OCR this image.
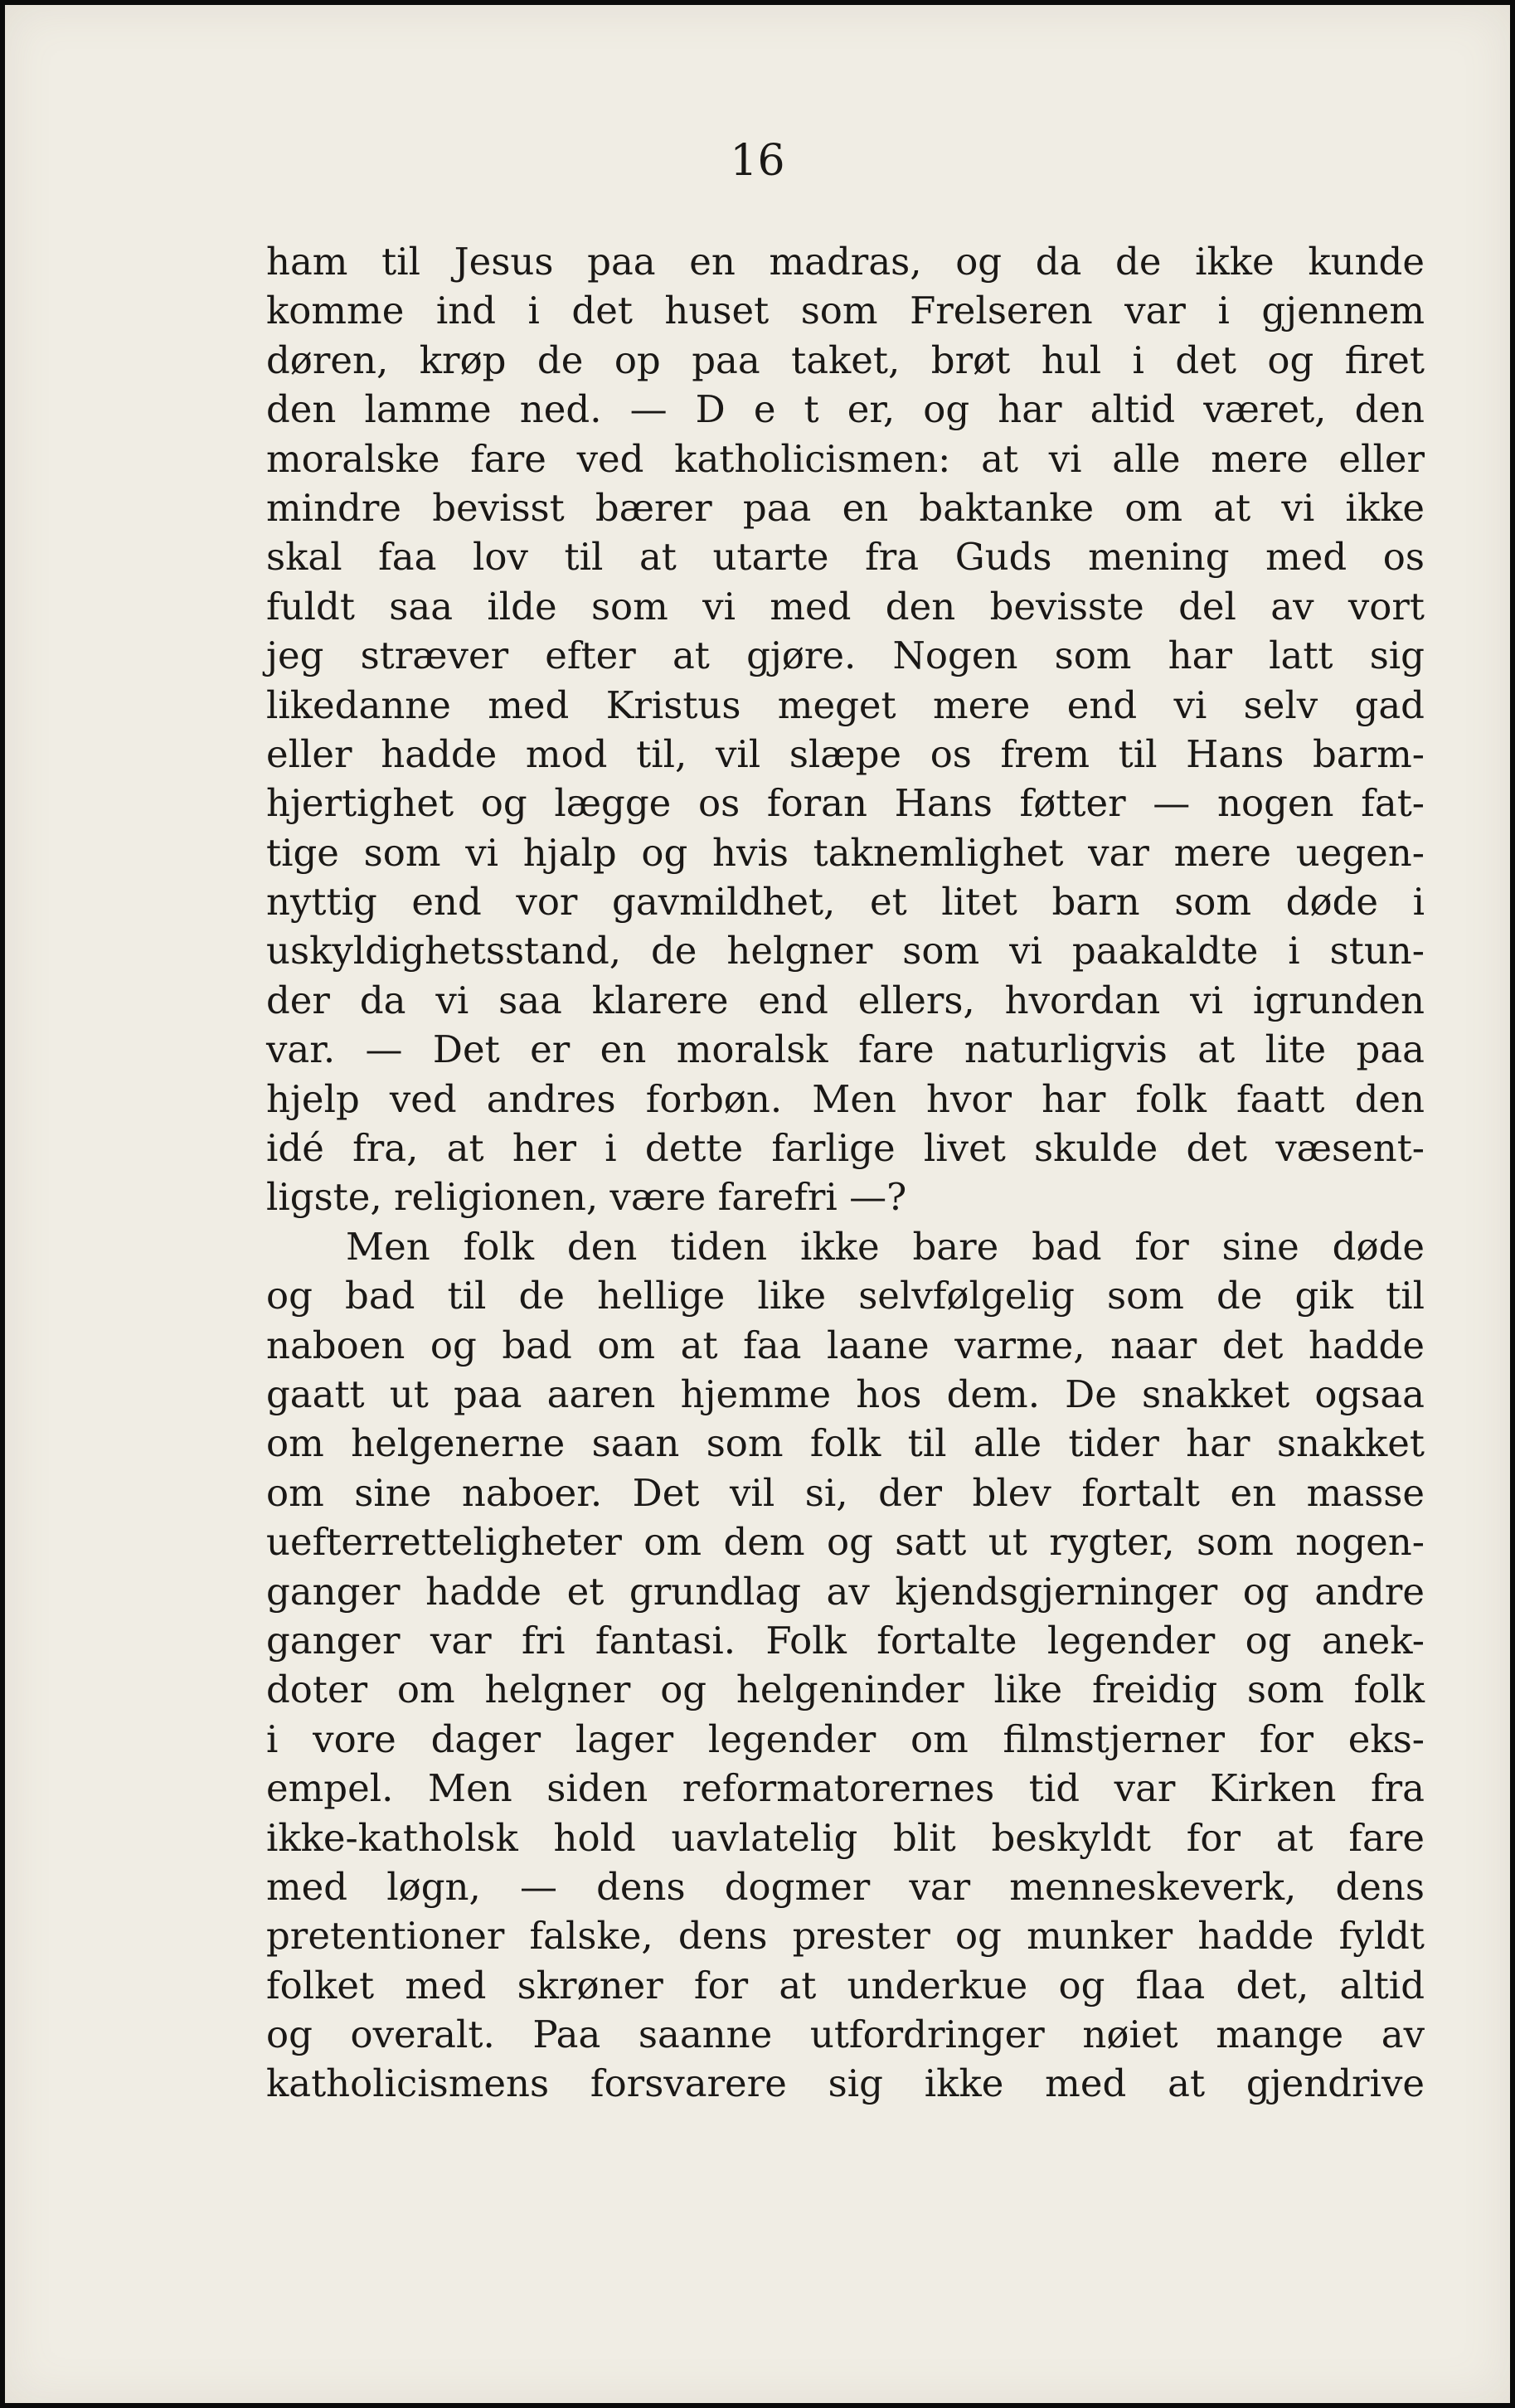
16
ham til Jesus paa en madras, og da de ikke kunde
komme ind i det huset som Frelseren var i gjennem
døren, krøp de op paa taket, brøt hul i det og firet
den lamme ned. — D e t er, og har altid været, den
moralske fare ved katholicismen: at vi alle mere eller
mindre bevisst bærer paa en baktanke om at vi ikke
skal faa lov til at utarte fra Guds mening med os
fuldt saa ilde som vi med den bevisste del av vort
jeg stræver efter at gjøre. Nogen som har latt sig
likedanne med Kristus meget mere end vi selv gad
eller hadde mod til, vil slæpe os frem til Hans barm-
hjertighet og lægge os foran Hans føtter — nogen fat-
tige som vi hjalp og hvis taknemlighet var mere uegen-
nyttig end vor gavmildhet, et litet barn som døde i
uskyldighetsstand, de helgner som vi paakaldte i stun-
der da vi saa klarere end ellers, hvordan vi igrunden
var. — Det er en moralsk fare naturligvis at lite paa
hjelp ved andres forbøn. Men hvor har folk faatt den
idé fra, at her i dette farlige livet skulde det væsent-
ligste, religionen, være farefri —?
Men folk den tiden ikke bare bad for sine døde
og bad til de hellige like selvfølgelig som de gik til
naboen og bad om at faa laane varme, naar det hadde
gaatt ut paa aaren hjemme hos dem. De snakket ogsaa
om helgenerne saan som folk til alle tider har snakket
om sine naboer. Det vil si, der blev fortalt en masse
uefterretteligheter om dem og satt ut rygter, som nogen-
ganger hadde et grundlag av kjendsgjerninger og andre
ganger var fri fantasi. Folk fortalte legender og anek-
doter om helgner og helgeninder like freidig som folk
i vore dager lager legender om filmstjerner for eks-
empel. Men siden reformatorernes tid var Kirken fra
ikke-katholsk hold uavlatelig blit beskyldt for at fare
med løgn, — dens dogmer var menneskeverk, dens
pretentioner falske, dens prester og munker hadde fyldt
folket med skrøner for at underkue og flaa det, altid
og overalt. Paa saanne utfordringer nøiet mange av
katholicismens forsvarere sig ikke med at gjendrive
